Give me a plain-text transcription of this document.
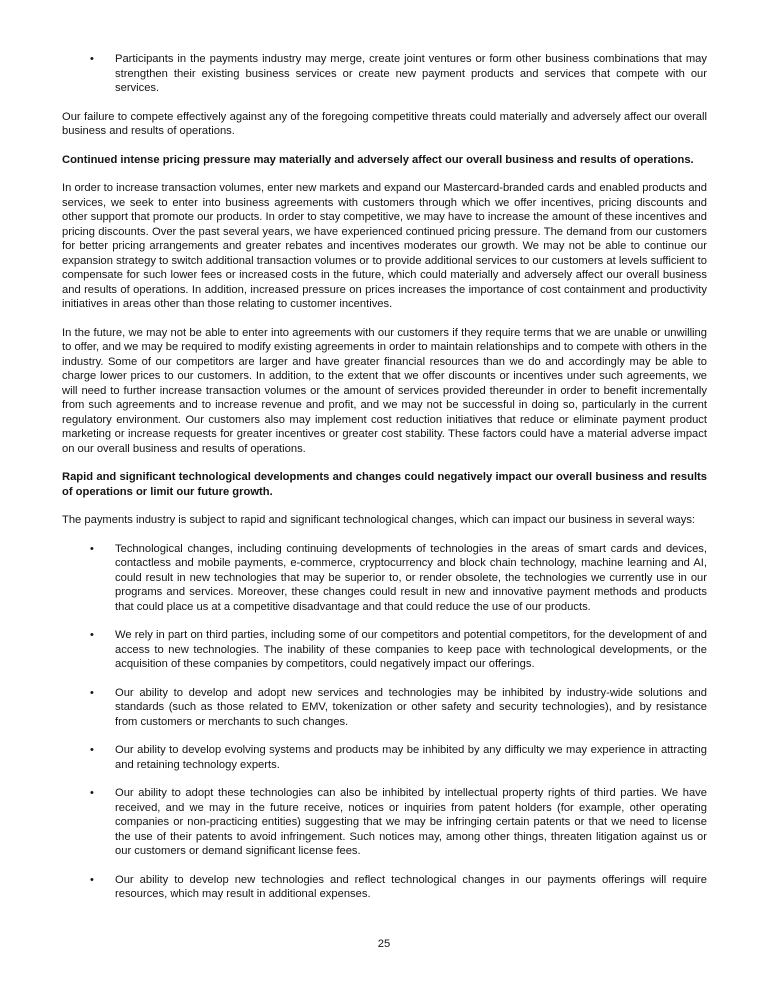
• Participants in the payments industry may merge, create joint ventures or form other business combinations that may strengthen their existing business services or create new payment products and services that compete with our services.

Our failure to compete effectively against any of the foregoing competitive threats could materially and adversely affect our overall business and results of operations.

Continued intense pricing pressure may materially and adversely affect our overall business and results of operations.

In order to increase transaction volumes, enter new markets and expand our Mastercard-branded cards and enabled products and services, we seek to enter into business agreements with customers through which we offer incentives, pricing discounts and other support that promote our products. In order to stay competitive, we may have to increase the amount of these incentives and pricing discounts. Over the past several years, we have experienced continued pricing pressure. The demand from our customers for better pricing arrangements and greater rebates and incentives moderates our growth. We may not be able to continue our expansion strategy to switch additional transaction volumes or to provide additional services to our customers at levels sufficient to compensate for such lower fees or increased costs in the future, which could materially and adversely affect our overall business and results of operations. In addition, increased pressure on prices increases the importance of cost containment and productivity initiatives in areas other than those relating to customer incentives.

In the future, we may not be able to enter into agreements with our customers if they require terms that we are unable or unwilling to offer, and we may be required to modify existing agreements in order to maintain relationships and to compete with others in the industry. Some of our competitors are larger and have greater financial resources than we do and accordingly may be able to charge lower prices to our customers. In addition, to the extent that we offer discounts or incentives under such agreements, we will need to further increase transaction volumes or the amount of services provided thereunder in order to benefit incrementally from such agreements and to increase revenue and profit, and we may not be successful in doing so, particularly in the current regulatory environment. Our customers also may implement cost reduction initiatives that reduce or eliminate payment product marketing or increase requests for greater incentives or greater cost stability. These factors could have a material adverse impact on our overall business and results of operations.

Rapid and significant technological developments and changes could negatively impact our overall business and results of operations or limit our future growth.

The payments industry is subject to rapid and significant technological changes, which can impact our business in several ways:

• Technological changes, including continuing developments of technologies in the areas of smart cards and devices, contactless and mobile payments, e-commerce, cryptocurrency and block chain technology, machine learning and AI, could result in new technologies that may be superior to, or render obsolete, the technologies we currently use in our programs and services. Moreover, these changes could result in new and innovative payment methods and products that could place us at a competitive disadvantage and that could reduce the use of our products.
• We rely in part on third parties, including some of our competitors and potential competitors, for the development of and access to new technologies. The inability of these companies to keep pace with technological developments, or the acquisition of these companies by competitors, could negatively impact our offerings.
• Our ability to develop and adopt new services and technologies may be inhibited by industry-wide solutions and standards (such as those related to EMV, tokenization or other safety and security technologies), and by resistance from customers or merchants to such changes.
• Our ability to develop evolving systems and products may be inhibited by any difficulty we may experience in attracting and retaining technology experts.
• Our ability to adopt these technologies can also be inhibited by intellectual property rights of third parties. We have received, and we may in the future receive, notices or inquiries from patent holders (for example, other operating companies or non-practicing entities) suggesting that we may be infringing certain patents or that we need to license the use of their patents to avoid infringement. Such notices may, among other things, threaten litigation against us or our customers or demand significant license fees.
• Our ability to develop new technologies and reflect technological changes in our payments offerings will require resources, which may result in additional expenses.
25
